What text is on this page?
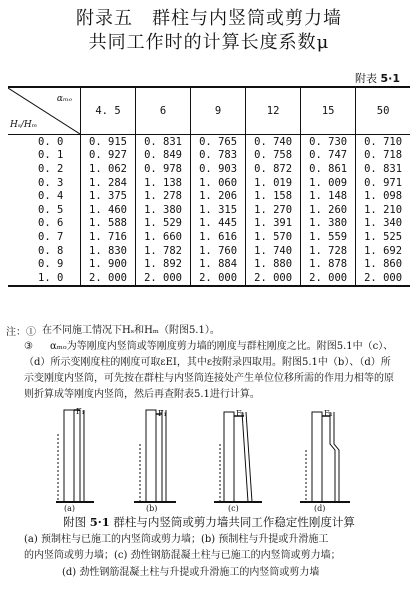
附录五　群柱与内竖筒或剪力墙
共同工作时的计算长度系数μ
附表 5·1
αₘₒ
Hₛ/Hₘ	4. 5	6	9	12	15	50
0. 0	0. 915	0. 831	0. 765	0. 740	0. 730	0. 710
0. 1	0. 927	0. 849	0. 783	0. 758	0. 747	0. 718
0. 2	1. 062	0. 978	0. 903	0. 872	0. 861	0. 831
0. 3	1. 284	1. 138	1. 060	1. 019	1. 009	0. 971
0. 4	1. 375	1. 278	1. 206	1. 158	1. 148	1. 098
0. 5	1. 460	1. 380	1. 315	1. 270	1. 260	1. 210
0. 6	1. 588	1. 529	1. 445	1. 391	1. 380	1. 340
0. 7	1. 716	1. 660	1. 616	1. 570	1. 559	1. 525
0. 8	1. 830	1. 782	1. 760	1. 740	1. 728	1. 692
0. 9	1. 900	1. 892	1. 884	1. 880	1. 878	1. 860
1. 0	2. 000	2. 000	2. 000	2. 000	2. 000	2. 000
注：① 在不同施工情况下Hₛ和Hₘ（附图5.1）。
③ αₘₒ为等刚度内竖筒或等刚度剪力墙的刚度与群柱刚度之比。附图5.1中（c）、（d）所示变刚度柱的刚度可取εEI，其中ε按附录四取用。附图5.1中（b）、（d）所示变刚度内竖筒，可先按在群柱与内竖筒连接处产生单位位移所需的作用力相等的原则折算成等刚度内竖筒，然后再查附表5.1进行计算。
F₁	F₁	F₁	F₁
(a)	(b)	(c)	(d)
附图 5·1 群柱与内竖筒或剪力墙共同工作稳定性刚度计算
(a) 预制柱与已施工的内竖筒或剪力墙；(b) 预制柱与升提或升滑施工
的内竖筒或剪力墙；(c) 劲性钢筋混凝土柱与已施工的内竖筒或剪力墙；
(d) 劲性钢筋混凝土柱与升提或升滑施工的内竖筒或剪力墙
